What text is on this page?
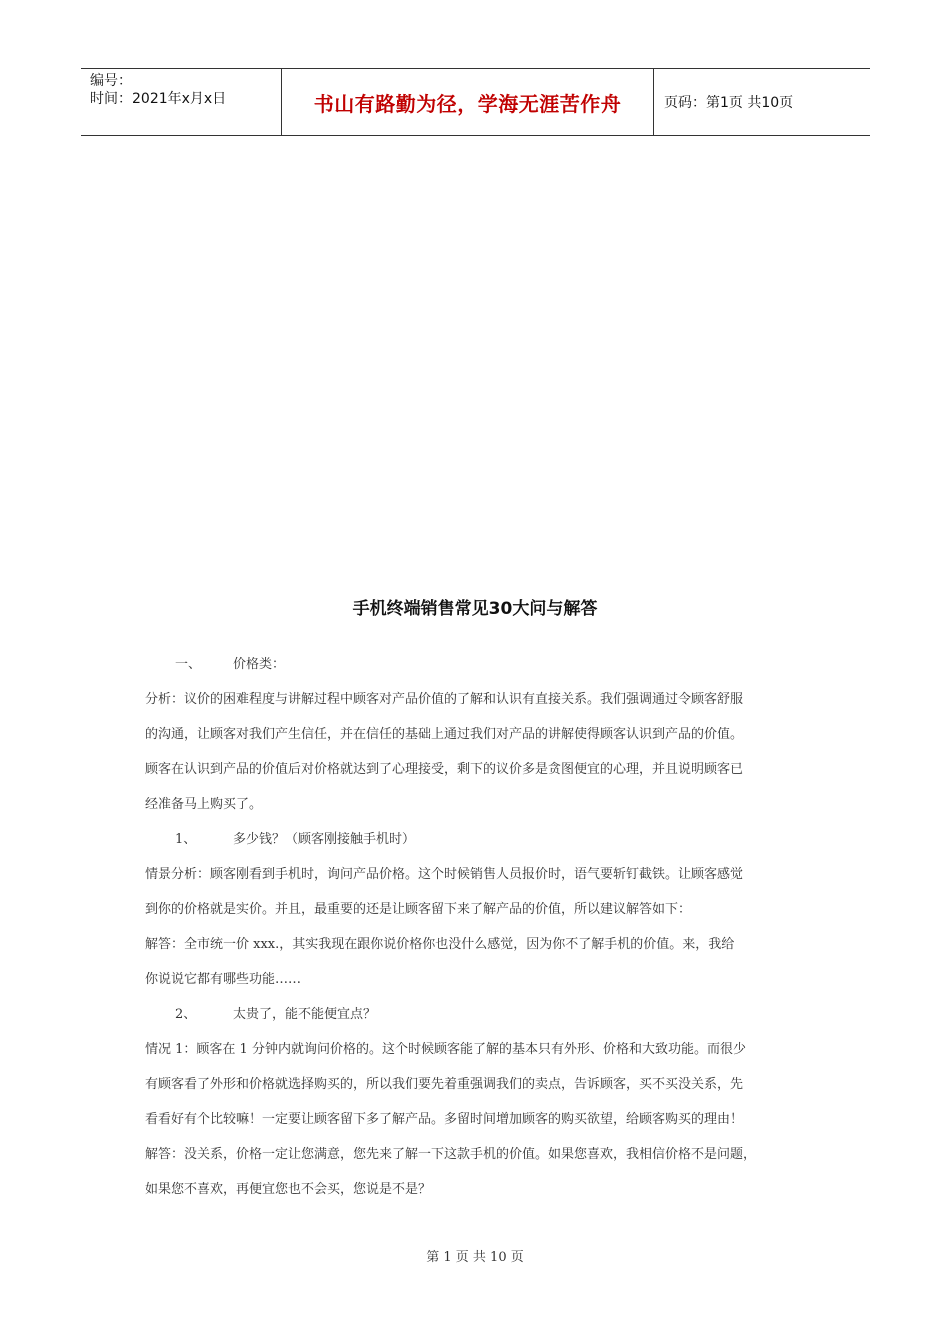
编号：
时间：2021年x月x日	书山有路勤为径，学海无涯苦作舟	页码：第1页 共10页
手机终端销售常见30大问与解答
一、 价格类：
分析：议价的困难程度与讲解过程中顾客对产品价值的了解和认识有直接关系。我们强调通过令顾客舒服
的沟通，让顾客对我们产生信任，并在信任的基础上通过我们对产品的讲解使得顾客认识到产品的价值。
顾客在认识到产品的价值后对价格就达到了心理接受，剩下的议价多是贪图便宜的心理，并且说明顾客已
经准备马上购买了。
1、	多少钱？（顾客刚接触手机时）
情景分析：顾客刚看到手机时，询问产品价格。这个时候销售人员报价时，语气要斩钉截铁。让顾客感觉
到你的价格就是实价。并且，最重要的还是让顾客留下来了解产品的价值，所以建议解答如下：
解答：全市统一价 xxx.，其实我现在跟你说价格你也没什么感觉，因为你不了解手机的价值。来，我给
你说说它都有哪些功能……
2、	太贵了，能不能便宜点？
情况 1：顾客在 1 分钟内就询问价格的。这个时候顾客能了解的基本只有外形、价格和大致功能。而很少
有顾客看了外形和价格就选择购买的，所以我们要先着重强调我们的卖点，告诉顾客，买不买没关系，先
看看好有个比较嘛！一定要让顾客留下多了解产品。多留时间增加顾客的购买欲望，给顾客购买的理由！
解答：没关系，价格一定让您满意，您先来了解一下这款手机的价值。如果您喜欢，我相信价格不是问题，
如果您不喜欢，再便宜您也不会买，您说是不是？
第 1 页 共 10 页
